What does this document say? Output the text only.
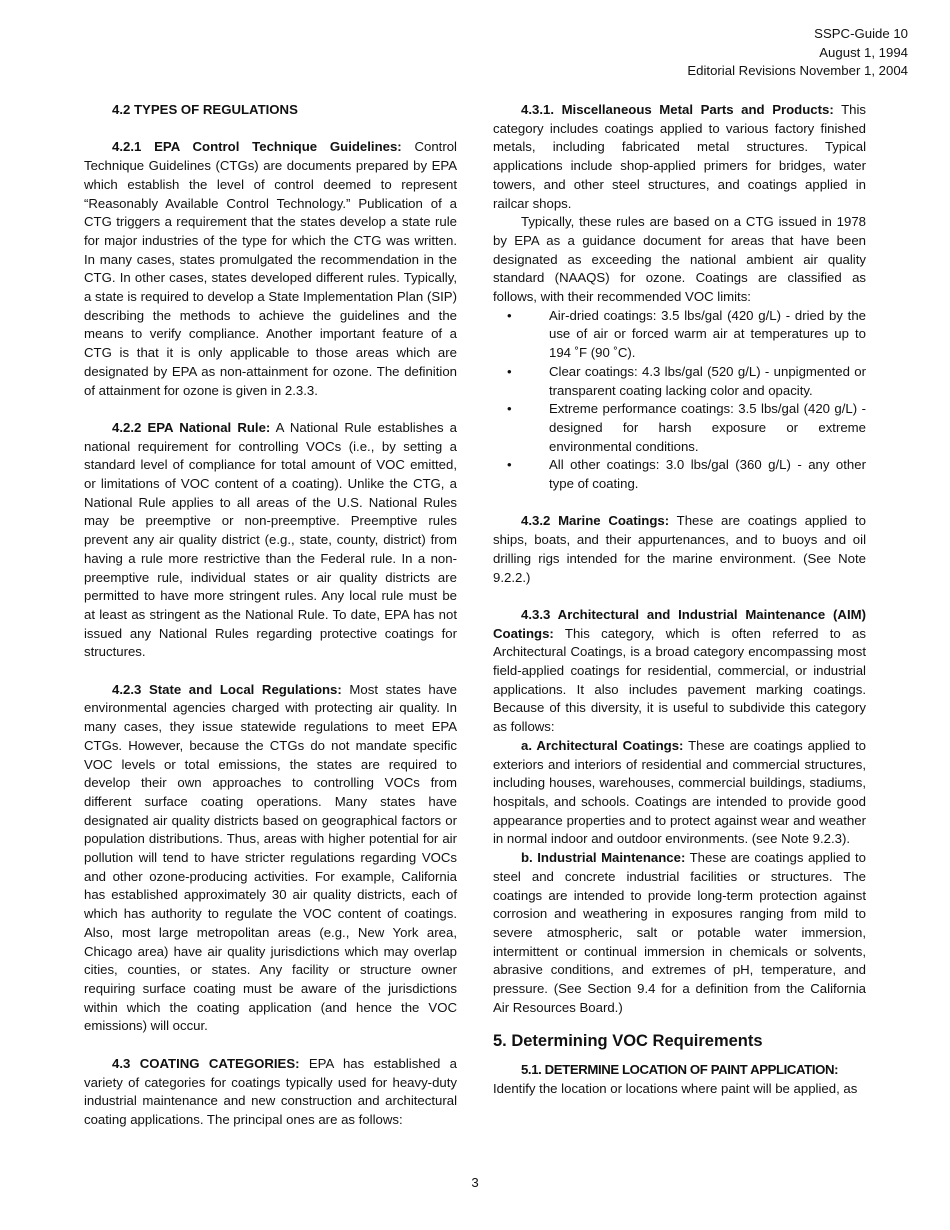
SSPC-Guide 10
August 1, 1994
Editorial Revisions November 1, 2004

4.2 TYPES OF REGULATIONS

4.2.1 EPA Control Technique Guidelines: Control Technique Guidelines (CTGs) are documents prepared by EPA which establish the level of control deemed to represent “Reasonably Available Control Technology.” Publication of a CTG triggers a requirement that the states develop a state rule for major industries of the type for which the CTG was written. In many cases, states promulgated the recommendation in the CTG. In other cases, states developed different rules. Typically, a state is required to develop a State Implementation Plan (SIP) describing the methods to achieve the guidelines and the means to verify compliance. Another important feature of a CTG is that it is only applicable to those areas which are designated by EPA as non-attainment for ozone. The definition of attainment for ozone is given in 2.3.3.

4.2.2 EPA National Rule: A National Rule establishes a national requirement for controlling VOCs (i.e., by setting a standard level of compliance for total amount of VOC emitted, or limitations of VOC content of a coating). Unlike the CTG, a National Rule applies to all areas of the U.S. National Rules may be preemptive or non-preemptive. Preemptive rules prevent any air quality district (e.g., state, county, district) from having a rule more restrictive than the Federal rule. In a non-preemptive rule, individual states or air quality districts are permitted to have more stringent rules. Any local rule must be at least as stringent as the National Rule. To date, EPA has not issued any National Rules regarding protective coatings for structures.

4.2.3 State and Local Regulations: Most states have environmental agencies charged with protecting air quality. In many cases, they issue statewide regulations to meet EPA CTGs. However, because the CTGs do not mandate specific VOC levels or total emissions, the states are required to develop their own approaches to controlling VOCs from different surface coating operations. Many states have designated air quality districts based on geographical factors or population distributions. Thus, areas with higher potential for air pollution will tend to have stricter regulations regarding VOCs and other ozone-producing activities. For example, California has established approximately 30 air quality districts, each of which has authority to regulate the VOC content of coatings. Also, most large metropolitan areas (e.g., New York area, Chicago area) have air quality jurisdictions which may overlap cities, counties, or states. Any facility or structure owner requiring surface coating must be aware of the jurisdictions within which the coating application (and hence the VOC emissions) will occur.

4.3 COATING CATEGORIES: EPA has established a variety of categories for coatings typically used for heavy-duty industrial maintenance and new construction and architectural coating applications. The principal ones are as follows:

4.3.1. Miscellaneous Metal Parts and Products: This category includes coatings applied to various factory finished metals, including fabricated metal structures. Typical applications include shop-applied primers for bridges, water towers, and other steel structures, and coatings applied in railcar shops.

Typically, these rules are based on a CTG issued in 1978 by EPA as a guidance document for areas that have been designated as exceeding the national ambient air quality standard (NAAQS) for ozone. Coatings are classified as follows, with their recommended VOC limits:

•	Air-dried coatings: 3.5 lbs/gal (420 g/L) - dried by the use of air or forced warm air at temperatures up to 194 ˚F (90 ˚C).
•	Clear coatings: 4.3 lbs/gal (520 g/L) - unpigmented or transparent coating lacking color and opacity.
•	Extreme performance coatings: 3.5 lbs/gal (420 g/L) - designed for harsh exposure or extreme environmental conditions.
•	All other coatings: 3.0 lbs/gal (360 g/L) - any other type of coating.

4.3.2 Marine Coatings: These are coatings applied to ships, boats, and their appurtenances, and to buoys and oil drilling rigs intended for the marine environment. (See Note 9.2.2.)

4.3.3 Architectural and Industrial Maintenance (AIM) Coatings: This category, which is often referred to as Architectural Coatings, is a broad category encompassing most field-applied coatings for residential, commercial, or industrial applications. It also includes pavement marking coatings. Because of this diversity, it is useful to subdivide this category as follows:

a. Architectural Coatings: These are coatings applied to exteriors and interiors of residential and commercial structures, including houses, warehouses, commercial buildings, stadiums, hospitals, and schools. Coatings are intended to provide good appearance properties and to protect against wear and weather in normal indoor and outdoor environments. (see Note 9.2.3).

b. Industrial Maintenance: These are coatings applied to steel and concrete industrial facilities or structures. The coatings are intended to provide long-term protection against corrosion and weathering in exposures ranging from mild to severe atmospheric, salt or potable water immersion, intermittent or continual immersion in chemicals or solvents, abrasive conditions, and extremes of pH, temperature, and pressure. (See Section 9.4 for a definition from the California Air Resources Board.)

5. Determining VOC Requirements

5.1. DETERMINE LOCATION OF PAINT APPLICATION:

Identify the location or locations where paint will be applied, as

3
